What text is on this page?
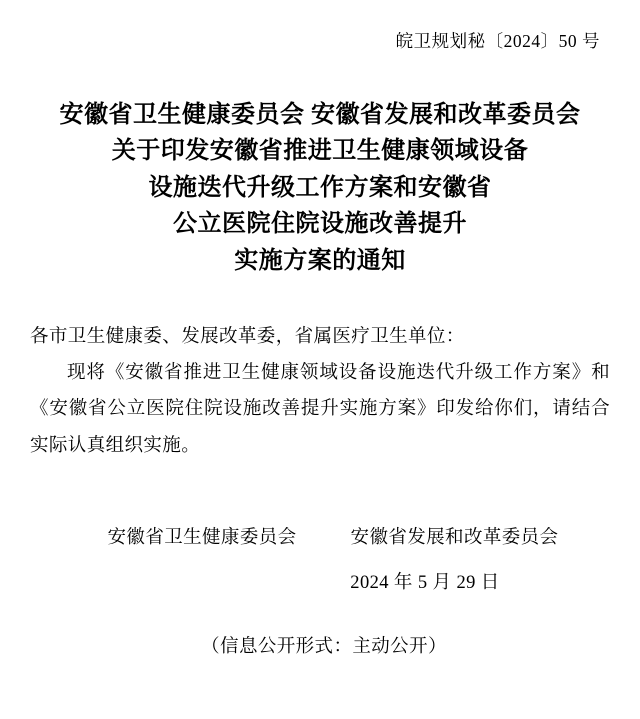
皖卫规划秘〔2024〕50 号
安徽省卫生健康委员会 安徽省发展和改革委员会
关于印发安徽省推进卫生健康领域设备
设施迭代升级工作方案和安徽省
公立医院住院设施改善提升
实施方案的通知

各市卫生健康委、发展改革委，省属医疗卫生单位：

现将《安徽省推进卫生健康领域设备设施迭代升级工作方案》和《安徽省公立医院住院设施改善提升实施方案》印发给你们，请结合实际认真组织实施。

安徽省卫生健康委员会	安徽省发展和改革委员会
2024 年 5 月 29 日
（信息公开形式：主动公开）
